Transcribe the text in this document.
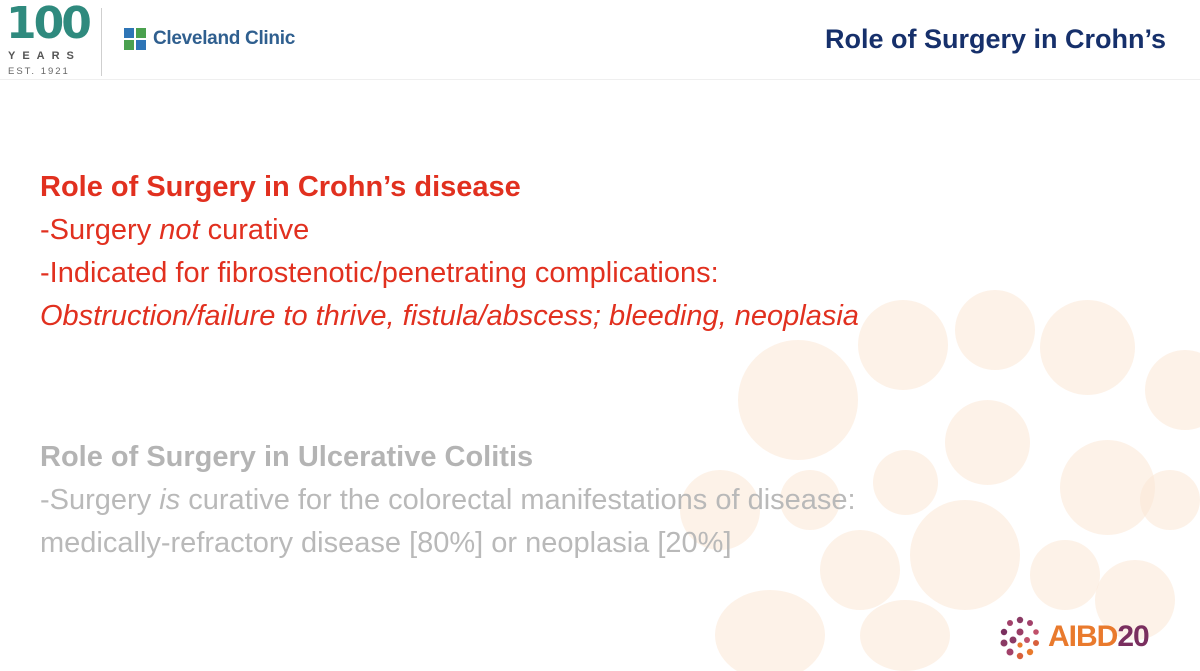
100
YEARS
EST. 1921
Cleveland Clinic	Role of Surgery in Crohn’s
Role of Surgery in Crohn’s disease
-Surgery not curative
-Indicated for fibrostenotic/penetrating complications:
Obstruction/failure to thrive, fistula/abscess; bleeding, neoplasia
Role of Surgery in Ulcerative Colitis
-Surgery is curative for the colorectal manifestations of disease:
medically-refractory disease [80%] or neoplasia [20%]
AIBD20
